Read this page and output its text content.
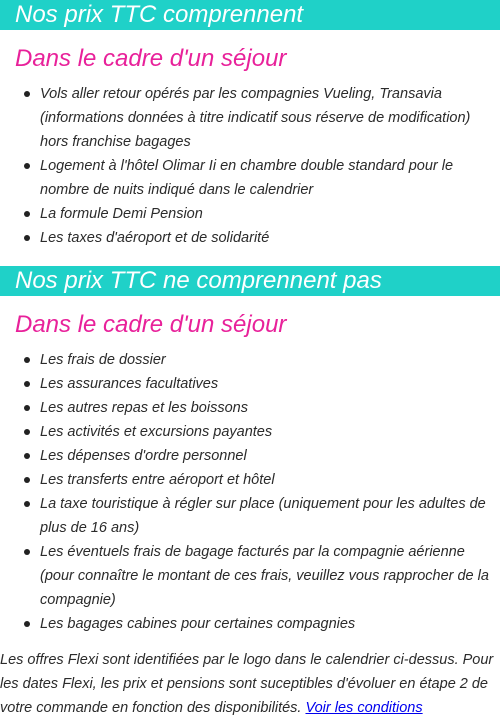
Nos prix TTC comprennent
Dans le cadre d'un séjour
Vols aller retour opérés par les compagnies Vueling, Transavia (informations données à titre indicatif sous réserve de modification) hors franchise bagages
Logement à l'hôtel Olimar Ii en chambre double standard pour le nombre de nuits indiqué dans le calendrier
La formule Demi Pension
Les taxes d'aéroport et de solidarité
Nos prix TTC ne comprennent pas
Dans le cadre d'un séjour
Les frais de dossier
Les assurances facultatives
Les autres repas et les boissons
Les activités et excursions payantes
Les dépenses d'ordre personnel
Les transferts entre aéroport et hôtel
La taxe touristique à régler sur place (uniquement pour les adultes de plus de 16 ans)
Les éventuels frais de bagage facturés par la compagnie aérienne (pour connaître le montant de ces frais, veuillez vous rapprocher de la compagnie)
Les bagages cabines pour certaines compagnies

Les offres Flexi sont identifiées par le logo dans le calendrier ci-dessus. Pour les dates Flexi, les prix et pensions sont suceptibles d'évoluer en étape 2 de votre commande en fonction des disponibilités. Voir les conditions
